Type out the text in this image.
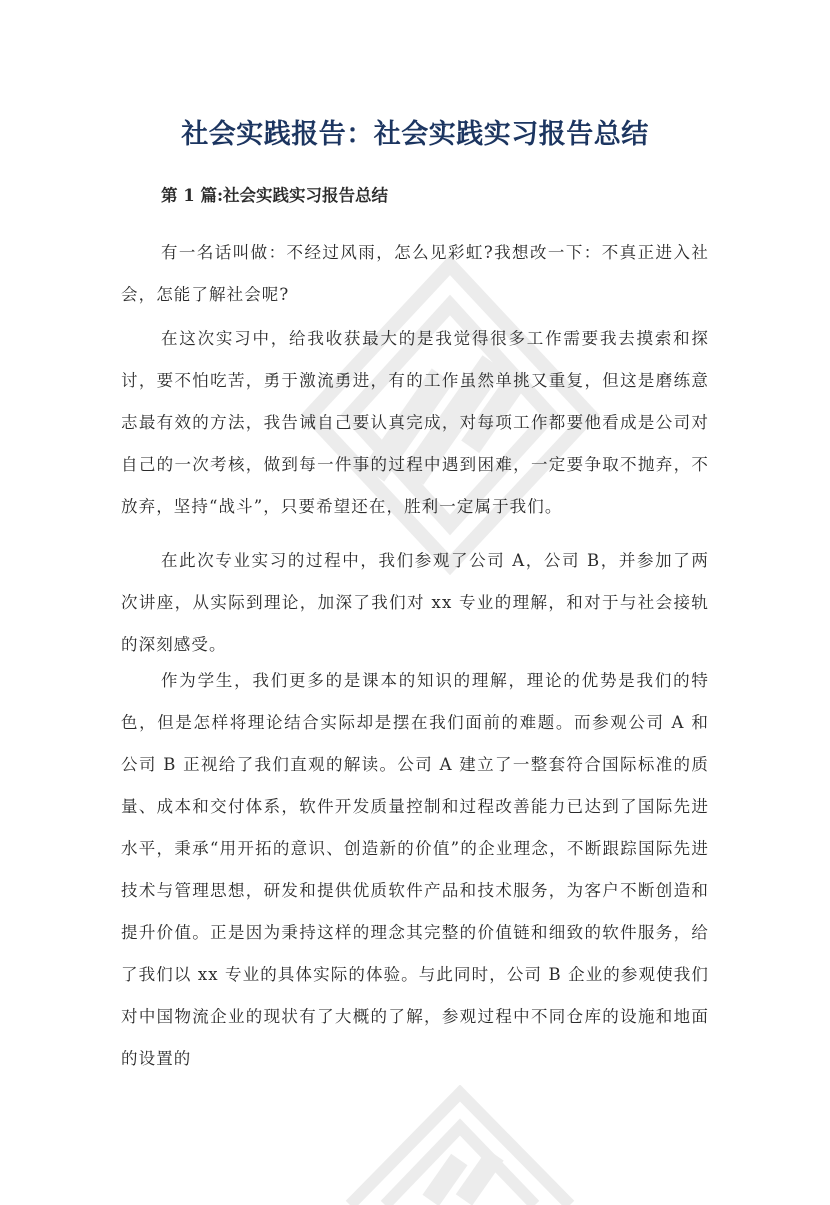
社会实践报告：社会实践实习报告总结
第 1 篇:社会实践实习报告总结

有一名话叫做：不经过风雨，怎么见彩虹?我想改一下：不真正进入社会，怎能了解社会呢?

在这次实习中，给我收获最大的是我觉得很多工作需要我去摸索和探讨，要不怕吃苦，勇于激流勇进，有的工作虽然单挑又重复，但这是磨练意志最有效的方法，我告诫自己要认真完成，对每项工作都要他看成是公司对自己的一次考核，做到每一件事的过程中遇到困难，一定要争取不抛弃，不放弃，坚持“战斗”，只要希望还在，胜利一定属于我们。

在此次专业实习的过程中，我们参观了公司 A，公司 B，并参加了两次讲座，从实际到理论，加深了我们对 xx 专业的理解，和对于与社会接轨的深刻感受。

作为学生，我们更多的是课本的知识的理解，理论的优势是我们的特色，但是怎样将理论结合实际却是摆在我们面前的难题。而参观公司 A 和公司 B 正视给了我们直观的解读。公司 A 建立了一整套符合国际标准的质量、成本和交付体系，软件开发质量控制和过程改善能力已达到了国际先进水平，秉承“用开拓的意识、创造新的价值”的企业理念，不断跟踪国际先进技术与管理思想，研发和提供优质软件产品和技术服务，为客户不断创造和提升价值。正是因为秉持这样的理念其完整的价值链和细致的软件服务，给了我们以 xx 专业的具体实际的体验。与此同时，公司 B 企业的参观使我们对中国物流企业的现状有了大概的了解，参观过程中不同仓库的设施和地面的设置的
